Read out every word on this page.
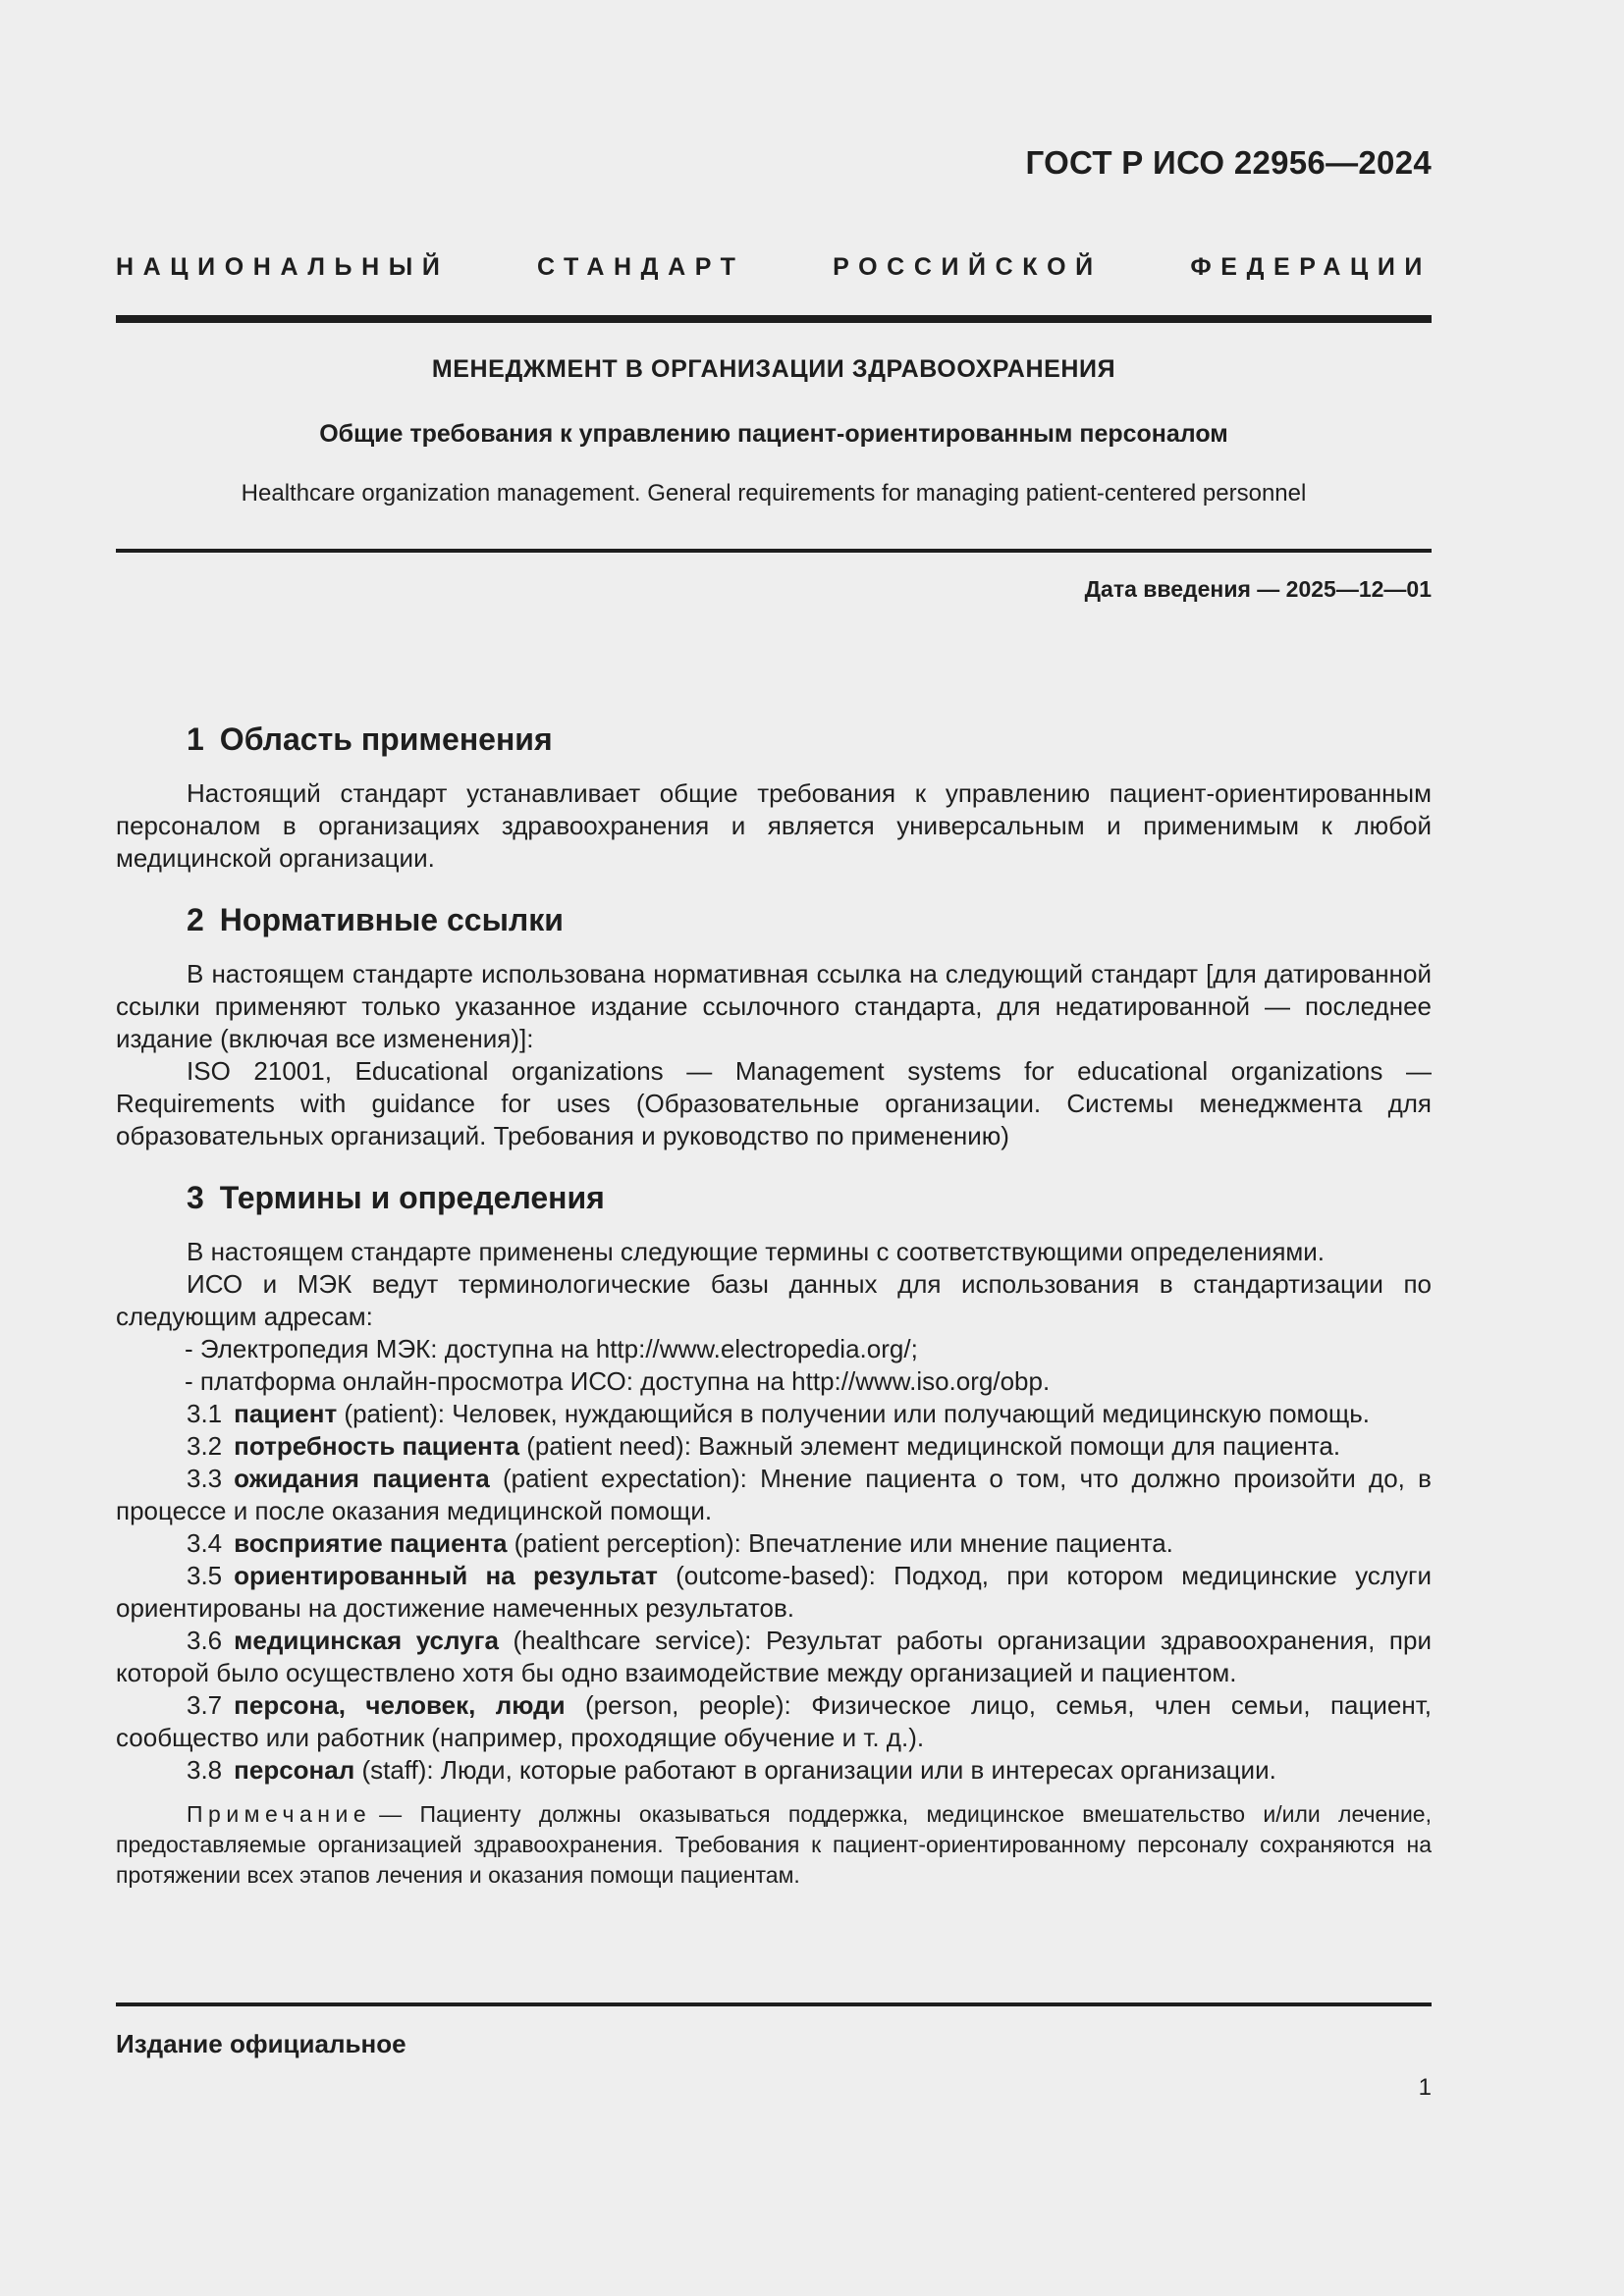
ГОСТ Р ИСО 22956—2024
НАЦИОНАЛЬНЫЙ СТАНДАРТ РОССИЙСКОЙ ФЕДЕРАЦИИ
МЕНЕДЖМЕНТ В ОРГАНИЗАЦИИ ЗДРАВООХРАНЕНИЯ
Общие требования к управлению пациент-ориентированным персоналом
Healthcare organization management. General requirements for managing patient-centered personnel
Дата введения — 2025—12—01
1 Область применения

Настоящий стандарт устанавливает общие требования к управлению пациент-ориентированным персоналом в организациях здравоохранения и является универсальным и применимым к любой медицинской организации.

2 Нормативные ссылки

В настоящем стандарте использована нормативная ссылка на следующий стандарт [для датированной ссылки применяют только указанное издание ссылочного стандарта, для недатированной — последнее издание (включая все изменения)]:

ISO 21001, Educational organizations — Management systems for educational organizations — Requirements with guidance for uses (Образовательные организации. Системы менеджмента для образовательных организаций. Требования и руководство по применению)

3 Термины и определения

В настоящем стандарте применены следующие термины с соответствующими определениями.

ИСО и МЭК ведут терминологические базы данных для использования в стандартизации по следующим адресам:

- Электропедия МЭК: доступна на http://www.electropedia.org/;
- платформа онлайн-просмотра ИСО: доступна на http://www.iso.org/obp.

3.1 пациент (patient): Человек, нуждающийся в получении или получающий медицинскую помощь.

3.2 потребность пациента (patient need): Важный элемент медицинской помощи для пациента.

3.3 ожидания пациента (patient expectation): Мнение пациента о том, что должно произойти до, в процессе и после оказания медицинской помощи.

3.4 восприятие пациента (patient perception): Впечатление или мнение пациента.

3.5 ориентированный на результат (outcome-based): Подход, при котором медицинские услуги ориентированы на достижение намеченных результатов.

3.6 медицинская услуга (healthcare service): Результат работы организации здравоохранения, при которой было осуществлено хотя бы одно взаимодействие между организацией и пациентом.

3.7 персона, человек, люди (person, people): Физическое лицо, семья, член семьи, пациент, сообщество или работник (например, проходящие обучение и т. д.).

3.8 персонал (staff): Люди, которые работают в организации или в интересах организации.

Примечание — Пациенту должны оказываться поддержка, медицинское вмешательство и/или лечение, предоставляемые организацией здравоохранения. Требования к пациент-ориентированному персоналу сохраняются на протяжении всех этапов лечения и оказания помощи пациентам.

Издание официальное
1
